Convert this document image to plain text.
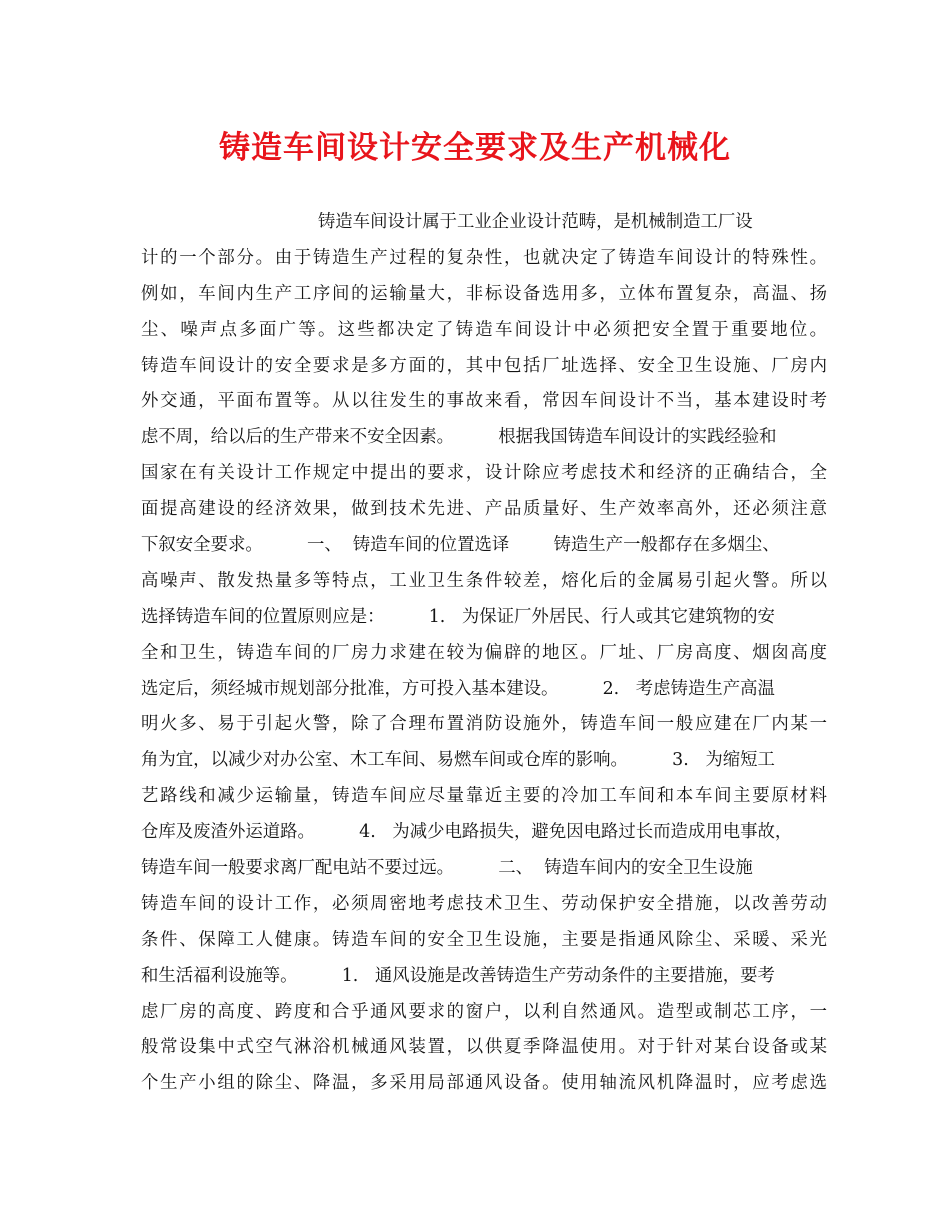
铸造车间设计安全要求及生产机械化
铸造车间设计属于工业企业设计范畴，是机械制造工厂设
计的一个部分。由于铸造生产过程的复杂性，也就决定了铸造车间设计的特殊性。
例如，车间内生产工序间的运输量大，非标设备选用多，立体布置复杂，高温、扬
尘、噪声点多面广等。这些都决定了铸造车间设计中必须把安全置于重要地位。
铸造车间设计的安全要求是多方面的，其中包括厂址选择、安全卫生设施、厂房内
外交通，平面布置等。从以往发生的事故来看，常因车间设计不当，基本建设时考
虑不周，给以后的生产带来不安全因素。        根据我国铸造车间设计的实践经验和
国家在有关设计工作规定中提出的要求，设计除应考虑技术和经济的正确结合，全
面提高建设的经济效果，做到技术先进、产品质量好、生产效率高外，还必须注意
下叙安全要求。        一、  铸造车间的位置选译        铸造生产一般都存在多烟尘、
高噪声、散发热量多等特点，工业卫生条件较差，熔化后的金属易引起火警。所以
选择铸造车间的位置原则应是：        1.   为保证厂外居民、行人或其它建筑物的安
全和卫生，铸造车间的厂房力求建在较为偏辟的地区。厂址、厂房高度、烟囱高度
选定后，须经城市规划部分批准，方可投入基本建设。        2.   考虑铸造生产高温
明火多、易于引起火警，除了合理布置消防设施外，铸造车间一般应建在厂内某一
角为宜，以减少对办公室、木工车间、易燃车间或仓库的影响。        3.   为缩短工
艺路线和减少运输量，铸造车间应尽量靠近主要的冷加工车间和本车间主要原材料
仓库及废渣外运道路。        4.   为减少电路损失，避免因电路过长而造成用电事故，
铸造车间一般要求离厂配电站不要过远。        二、  铸造车间内的安全卫生设施
铸造车间的设计工作，必须周密地考虑技术卫生、劳动保护安全措施，以改善劳动
条件、保障工人健康。铸造车间的安全卫生设施，主要是指通风除尘、采暖、采光
和生活福利设施等。        1.   通风设施是改善铸造生产劳动条件的主要措施，要考
虑厂房的高度、跨度和合乎通风要求的窗户，以利自然通风。造型或制芯工序，一
般常设集中式空气淋浴机械通风装置，以供夏季降温使用。对于针对某台设备或某
个生产小组的除尘、降温，多采用局部通风设备。使用轴流风机降温时，应考虑选
